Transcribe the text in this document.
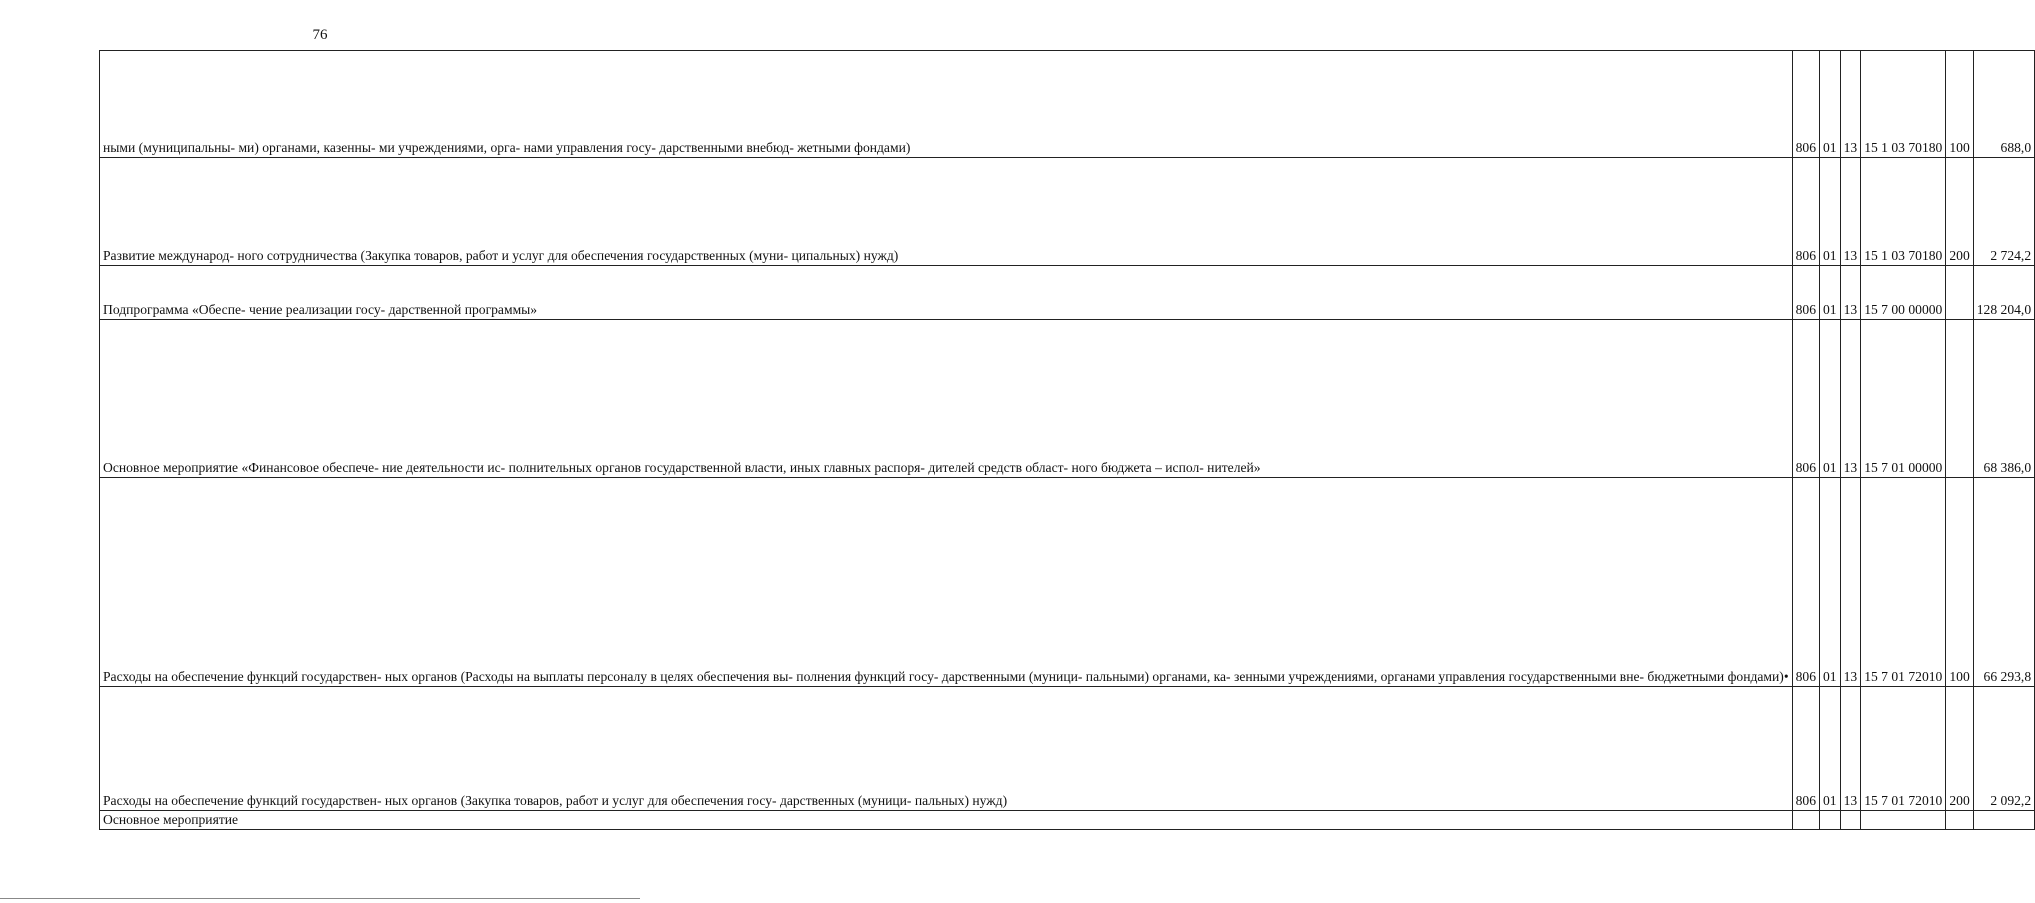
76
ными (муниципальны- ми) органами, казенны- ми учреждениями, орга- нами управления госу- дарственными внебюд- жетными фондами)	806	01	13	15 1 03 70180	100	688,0

Развитие международ- ного сотрудничества (Закупка товаров, работ и услуг для обеспечения государственных (муни- ципальных) нужд)	806	01	13	15 1 03 70180	200	2 724,2

Подпрограмма «Обеспе- чение реализации госу- дарственной программы»	806	01	13	15 7 00 00000		128 204,0

Основное мероприятие «Финансовое обеспече- ние деятельности ис- полнительных органов государственной власти, иных главных распоря- дителей средств област- ного бюджета – испол- нителей»	806	01	13	15 7 01 00000		68 386,0

Расходы на обеспечение функций государствен- ных органов (Расходы на выплаты персоналу в целях обеспечения вы- полнения функций госу- дарственными (муници- пальными) органами, ка- зенными учреждениями, органами управления государственными вне- бюджетными фондами)•	806	01	13	15 7 01 72010	100	66 293,8

Расходы на обеспечение функций государствен- ных органов (Закупка товаров, работ и услуг для обеспечения госу- дарственных (муници- пальных) нужд)	806	01	13	15 7 01 72010	200	2 092,2

Основное мероприятие						
